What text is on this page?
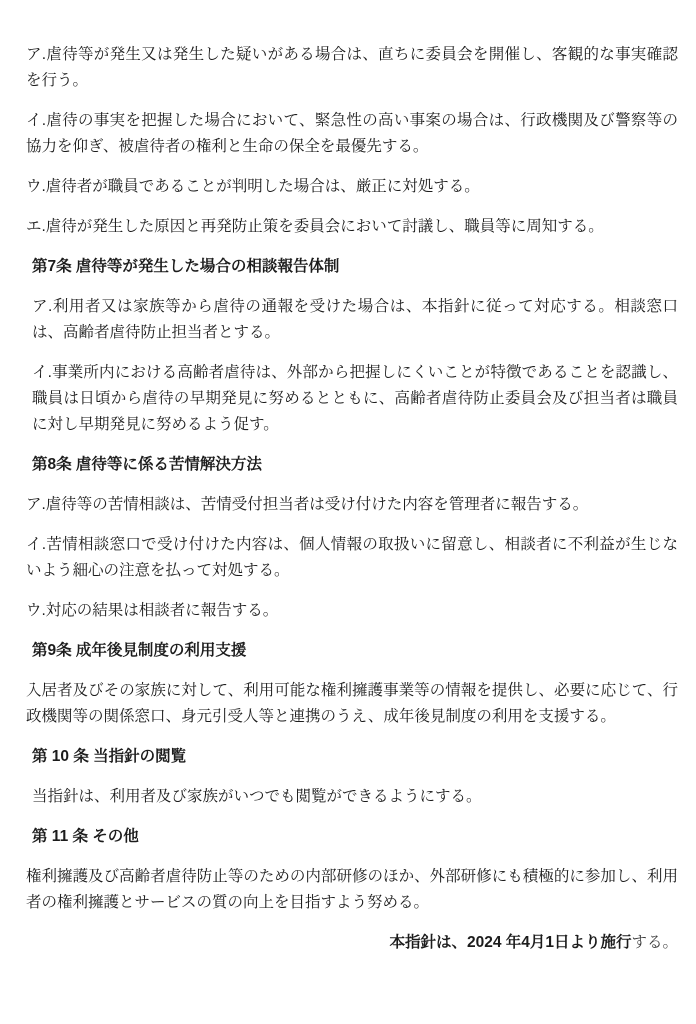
ア.虐待等が発生又は発生した疑いがある場合は、直ちに委員会を開催し、客観的な事実確認を行う。

イ.虐待の事実を把握した場合において、緊急性の高い事案の場合は、行政機関及び警察等の協力を仰ぎ、被虐待者の権利と生命の保全を最優先する。

ウ.虐待者が職員であることが判明した場合は、厳正に対処する。

エ.虐待が発生した原因と再発防止策を委員会において討議し、職員等に周知する。

第7条 虐待等が発生した場合の相談報告体制

ア.利用者又は家族等から虐待の通報を受けた場合は、本指針に従って対応する。相談窓口は、高齢者虐待防止担当者とする。

イ.事業所内における高齢者虐待は、外部から把握しにくいことが特徴であることを認識し、職員は日頃から虐待の早期発見に努めるとともに、高齢者虐待防止委員会及び担当者は職員に対し早期発見に努めるよう促す。

第8条 虐待等に係る苦情解決方法

ア.虐待等の苦情相談は、苦情受付担当者は受け付けた内容を管理者に報告する。

イ.苦情相談窓口で受け付けた内容は、個人情報の取扱いに留意し、相談者に不利益が生じないよう細心の注意を払って対処する。

ウ.対応の結果は相談者に報告する。

第9条 成年後見制度の利用支援

入居者及びその家族に対して、利用可能な権利擁護事業等の情報を提供し、必要に応じて、行政機関等の関係窓口、身元引受人等と連携のうえ、成年後見制度の利用を支援する。

第 10 条 当指針の閲覧

当指針は、利用者及び家族がいつでも閲覧ができるようにする。

第 11 条 その他

権利擁護及び高齢者虐待防止等のための内部研修のほか、外部研修にも積極的に参加し、利用者の権利擁護とサービスの質の向上を目指すよう努める。

本指針は、2024 年4月1日より施行する。
